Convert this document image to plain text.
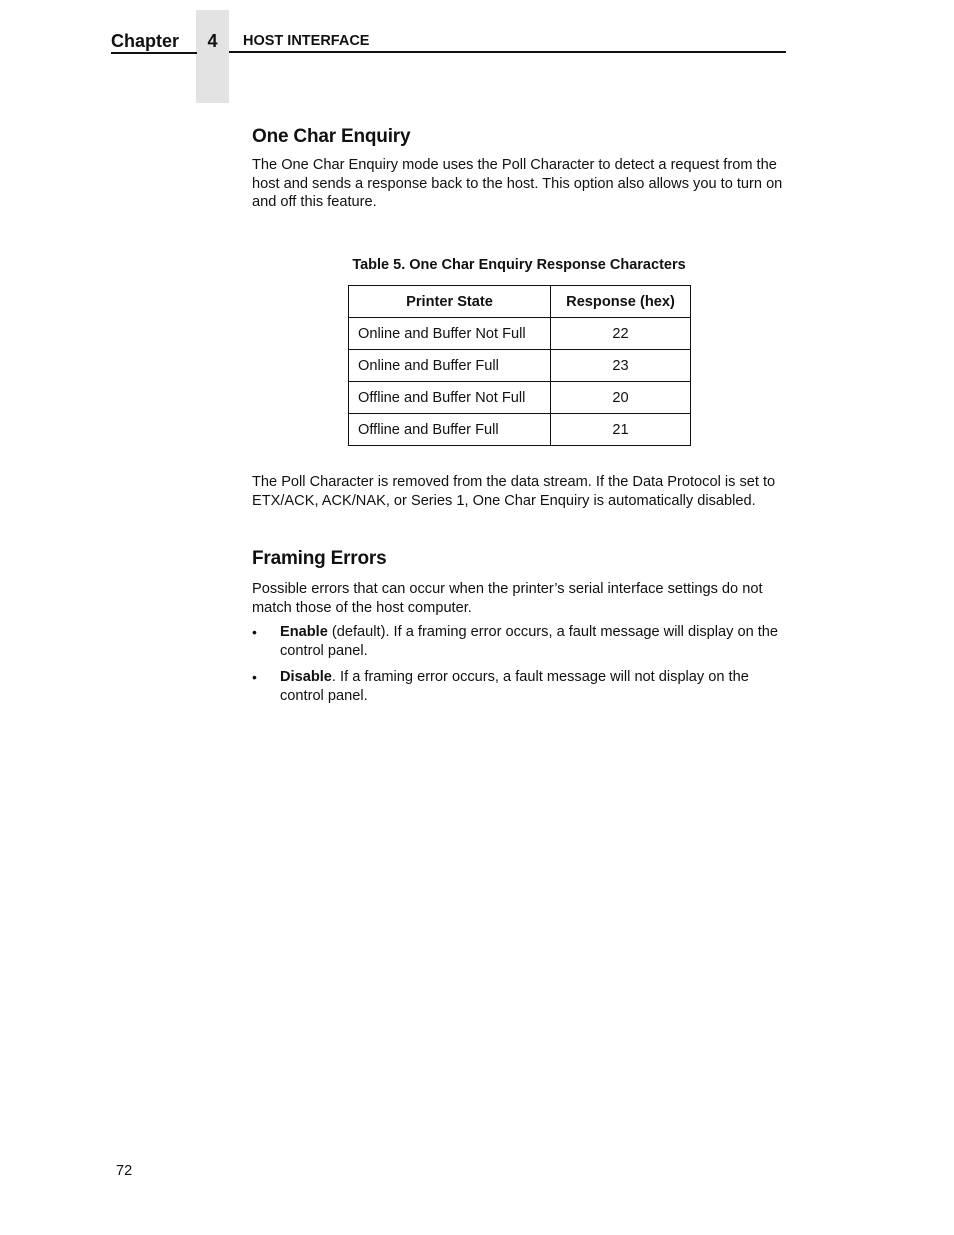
Chapter	4	HOST INTERFACE
One Char Enquiry

The One Char Enquiry mode uses the Poll Character to detect a request from the host and sends a response back to the host. This option also allows you to turn on and off this feature.

Table 5. One Char Enquiry Response Characters
Printer State	Response (hex)
Online and Buffer Not Full	22
Online and Buffer Full	23
Offline and Buffer Not Full	20
Offline and Buffer Full	21

The Poll Character is removed from the data stream. If the Data Protocol is set to ETX/ACK, ACK/NAK, or Series 1, One Char Enquiry is automatically disabled.

Framing Errors

Possible errors that can occur when the printer’s serial interface settings do not match those of the host computer.

• Enable (default). If a framing error occurs, a fault message will display on the control panel.
• Disable. If a framing error occurs, a fault message will not display on the control panel.
72
